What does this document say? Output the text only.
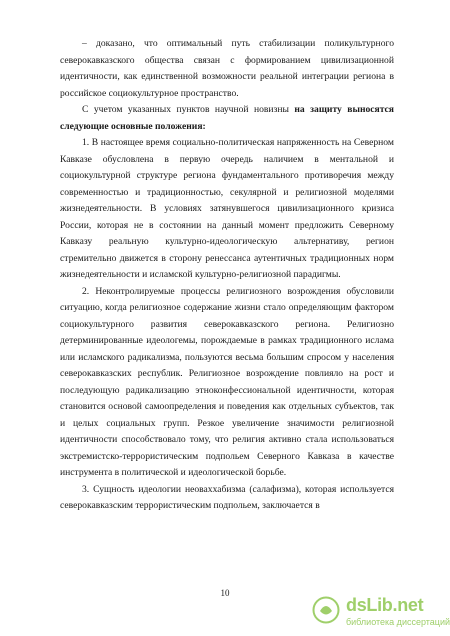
– доказано, что оптимальный путь стабилизации поликультурного северокавказского общества связан с формированием цивилизационной идентичности, как единственной возможности реальной интеграции региона в российское социокультурное пространство.

С учетом указанных пунктов научной новизны на защиту выносятся следующие основные положения:

1. В настоящее время социально-политическая напряженность на Северном Кавказе обусловлена в первую очередь наличием в ментальной и социокультурной структуре региона фундаментального противоречия между современностью и традиционностью, секулярной и религиозной моделями жизнедеятельности. В условиях затянувшегося цивилизационного кризиса России, которая не в состоянии на данный момент предложить Северному Кавказу реальную культурно-идеологическую альтернативу, регион стремительно движется в сторону ренессанса аутентичных традиционных норм жизнедеятельности и исламской культурно-религиозной парадигмы.

2. Неконтролируемые процессы религиозного возрождения обусловили ситуацию, когда религиозное содержание жизни стало определяющим фактором социокультурного развития северокавказского региона. Религиозно детерминированные идеологемы, порождаемые в рамках традиционного ислама или исламского радикализма, пользуются весьма большим спросом у населения северокавказских республик. Религиозное возрождение повлияло на рост и последующую радикализацию этноконфессиональной идентичности, которая становится основой самоопределения и поведения как отдельных субъектов, так и целых социальных групп. Резкое увеличение значимости религиозной идентичности способствовало тому, что религия активно стала использоваться экстремистско-террористическим подпольем Северного Кавказа в качестве инструмента в политической и идеологической борьбе.

3. Сущность идеологии неоваххабизма (салафизма), которая используется северокавказским террористическим подпольем, заключается в

10
dsLib.net
библиотека диссертаций
